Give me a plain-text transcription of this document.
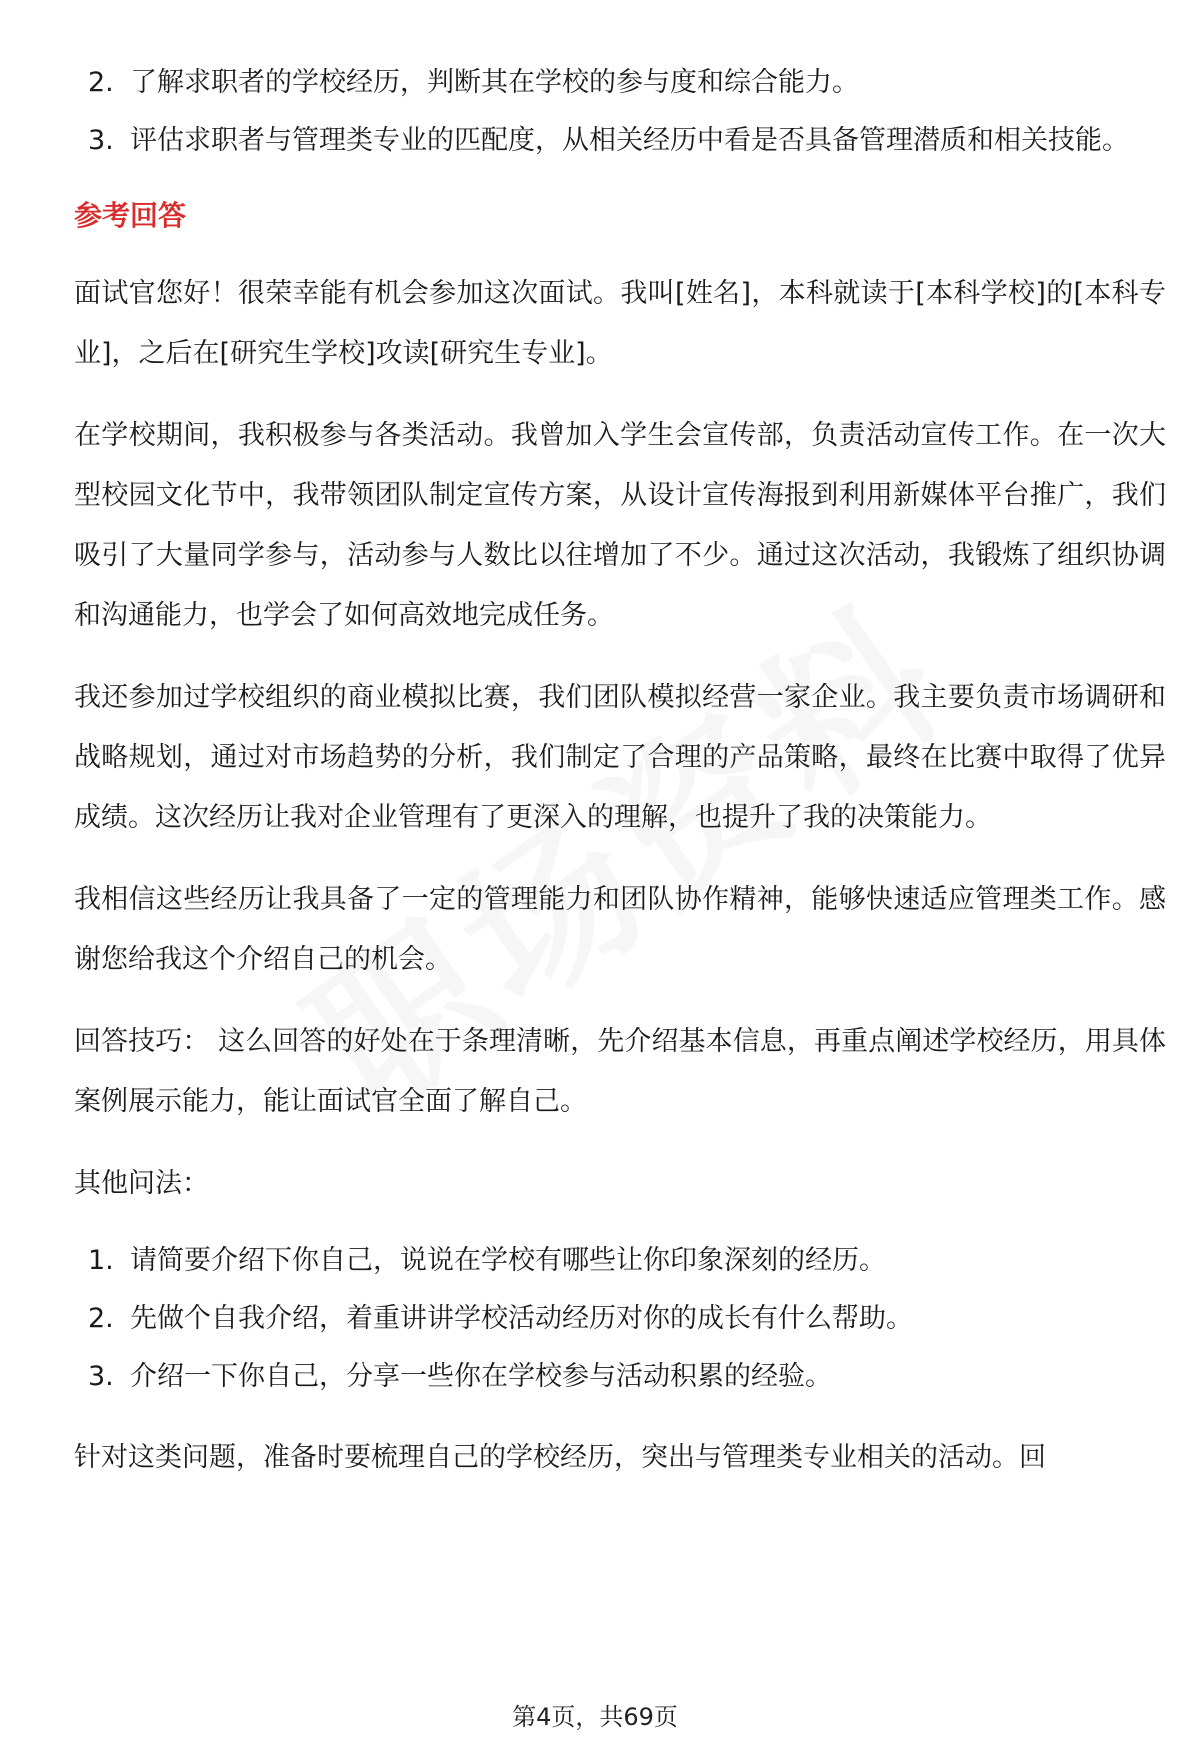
2. 了解求职者的学校经历，判断其在学校的参与度和综合能力。
3. 评估求职者与管理类专业的匹配度，从相关经历中看是否具备管理潜质和相关技能。
参考回答

面试官您好！很荣幸能有机会参加这次面试。我叫[姓名]，本科就读于[本科学校]的[本科专业]，之后在[研究生学校]攻读[研究生专业]。

在学校期间，我积极参与各类活动。我曾加入学生会宣传部，负责活动宣传工作。在一次大型校园文化节中，我带领团队制定宣传方案，从设计宣传海报到利用新媒体平台推广，我们吸引了大量同学参与，活动参与人数比以往增加了不少。通过这次活动，我锻炼了组织协调和沟通能力，也学会了如何高效地完成任务。

我还参加过学校组织的商业模拟比赛，我们团队模拟经营一家企业。我主要负责市场调研和战略规划，通过对市场趋势的分析，我们制定了合理的产品策略，最终在比赛中取得了优异成绩。这次经历让我对企业管理有了更深入的理解，也提升了我的决策能力。

我相信这些经历让我具备了一定的管理能力和团队协作精神，能够快速适应管理类工作。感谢您给我这个介绍自己的机会。

回答技巧： 这么回答的好处在于条理清晰，先介绍基本信息，再重点阐述学校经历，用具体案例展示能力，能让面试官全面了解自己。

其他问法：

1. 请简要介绍下你自己，说说在学校有哪些让你印象深刻的经历。
2. 先做个自我介绍，着重讲讲学校活动经历对你的成长有什么帮助。
3. 介绍一下你自己，分享一些你在学校参与活动积累的经验。

针对这类问题，准备时要梳理自己的学校经历，突出与管理类专业相关的活动。回

第4页，共69页
